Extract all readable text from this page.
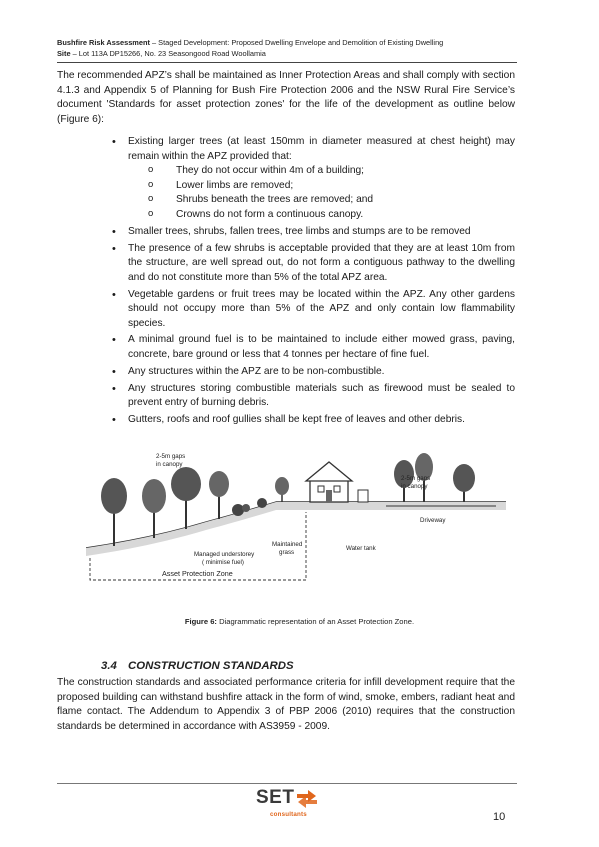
Bushfire Risk Assessment – Staged Development: Proposed Dwelling Envelope and Demolition of Existing Dwelling
Site – Lot 113A DP15266, No. 23 Seasongood Road Woollamia

The recommended APZ’s shall be maintained as Inner Protection Areas and shall comply with section 4.1.3 and Appendix 5 of Planning for Bush Fire Protection 2006 and the NSW Rural Fire Service’s document 'Standards for asset protection zones' for the life of the development as outline below (Figure 6):

• Existing larger trees (at least 150mm in diameter measured at chest height) may remain within the APZ provided that:
o They do not occur within 4m of a building;
o Lower limbs are removed;
o Shrubs beneath the trees are removed; and
o Crowns do not form a continuous canopy.
• Smaller trees, shrubs, fallen trees, tree limbs and stumps are to be removed
• The presence of a few shrubs is acceptable provided that they are at least 10m from the structure, are well spread out, do not form a contiguous pathway to the dwelling and do not constitute more than 5% of the total APZ area.
• Vegetable gardens or fruit trees may be located within the APZ. Any other gardens should not occupy more than 5% of the APZ and only contain low flammability species.
• A minimal ground fuel is to be maintained to include either mowed grass, paving, concrete, bare ground or less that 4 tonnes per hectare of fine fuel.
• Any structures within the APZ are to be non-combustible.
• Any structures storing combustible materials such as firewood must be sealed to prevent entry of burning debris.
• Gutters, roofs and roof gullies shall be kept free of leaves and other debris.
2-5m gaps
in canopy
2-5m gaps
in canopy
Managed understorey
( minimise fuel)
Maintained
grass
Water tank
Driveway
Asset Protection Zone
Figure 6: Diagrammatic representation of an Asset Protection Zone.
3.4 CONSTRUCTION STANDARDS

The construction standards and associated performance criteria for infill development require that the proposed building can withstand bushfire attack in the form of wind, smoke, embers, radiant heat and flame contact. The Addendum to Appendix 3 of PBP 2006 (2010) requires that the construction standards be determined in accordance with AS3959 - 2009.

SET
consultants	10
